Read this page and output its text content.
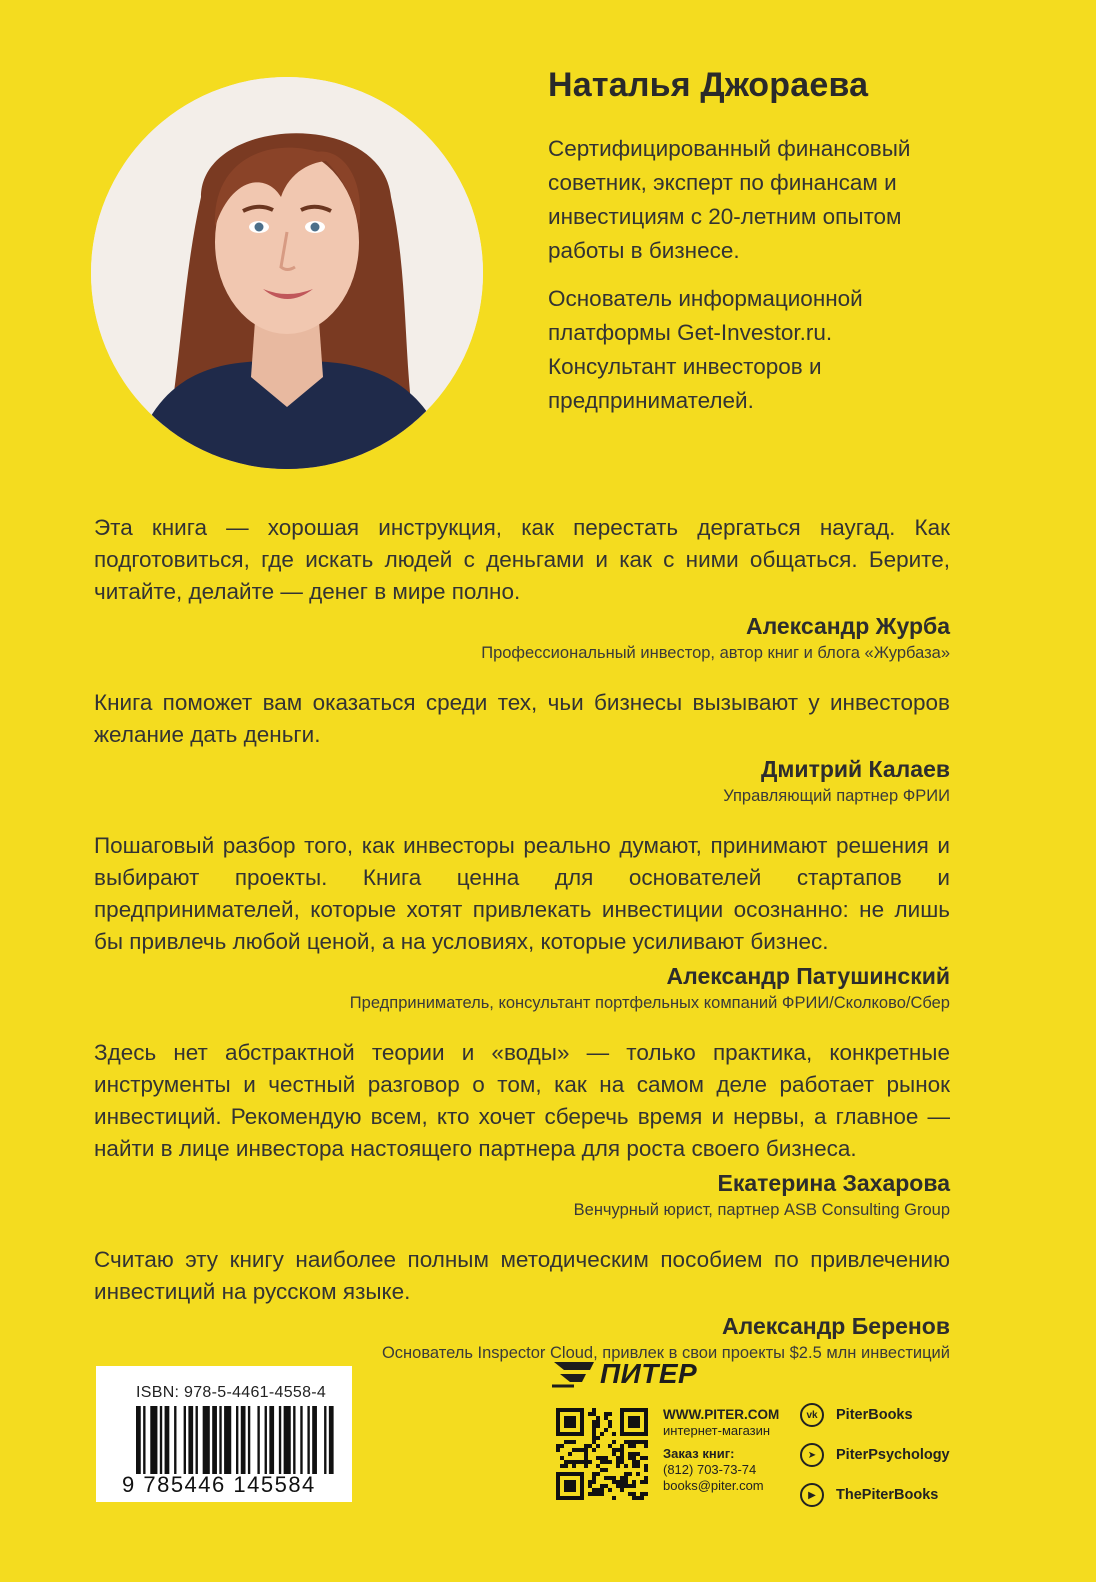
Наталья Джораева

Сертифицированный финансовый советник, эксперт по финансам и инвестициям с 20-летним опытом работы в бизнесе.

Основатель информационной платформы Get-Investor.ru. Консультант инвесторов и предпринимателей.

Эта книга — хорошая инструкция, как перестать дергаться наугад. Как подготовиться, где искать людей с деньгами и как с ними общаться. Берите, читайте, делайте — денег в мире полно.

Александр Журба
Профессиональный инвестор, автор книг и блога «Журбаза»

Книга поможет вам оказаться среди тех, чьи бизнесы вызывают у инвесторов желание дать деньги.

Дмитрий Калаев
Управляющий партнер ФРИИ

Пошаговый разбор того, как инвесторы реально думают, принимают решения и выбирают проекты. Книга ценна для основателей стартапов и предпринимателей, которые хотят привлекать инвестиции осознанно: не лишь бы привлечь любой ценой, а на условиях, которые усиливают бизнес.

Александр Патушинский
Предприниматель, консультант портфельных компаний ФРИИ/Сколково/Сбер

Здесь нет абстрактной теории и «воды» — только практика, конкретные инструменты и честный разговор о том, как на самом деле работает рынок инвестиций. Рекомендую всем, кто хочет сберечь время и нервы, а главное — найти в лице инвестора настоящего партнера для роста своего бизнеса.

Екатерина Захарова
Венчурный юрист, партнер ASB Consulting Group

Считаю эту книгу наиболее полным методическим пособием по привлечению инвестиций на русском языке.

Александр Беренов
Основатель Inspector Cloud, привлек в свои проекты $2.5 млн инвестиций
ISBN: 978-5-4461-4558-4
9 785446 145584
ПИТЕР
WWW.PITER.COM
интернет-магазин
Заказ книг:
(812) 703-73-74
books@piter.com
vk	PiterBooks
➤	PiterPsychology
▶	ThePiterBooks
